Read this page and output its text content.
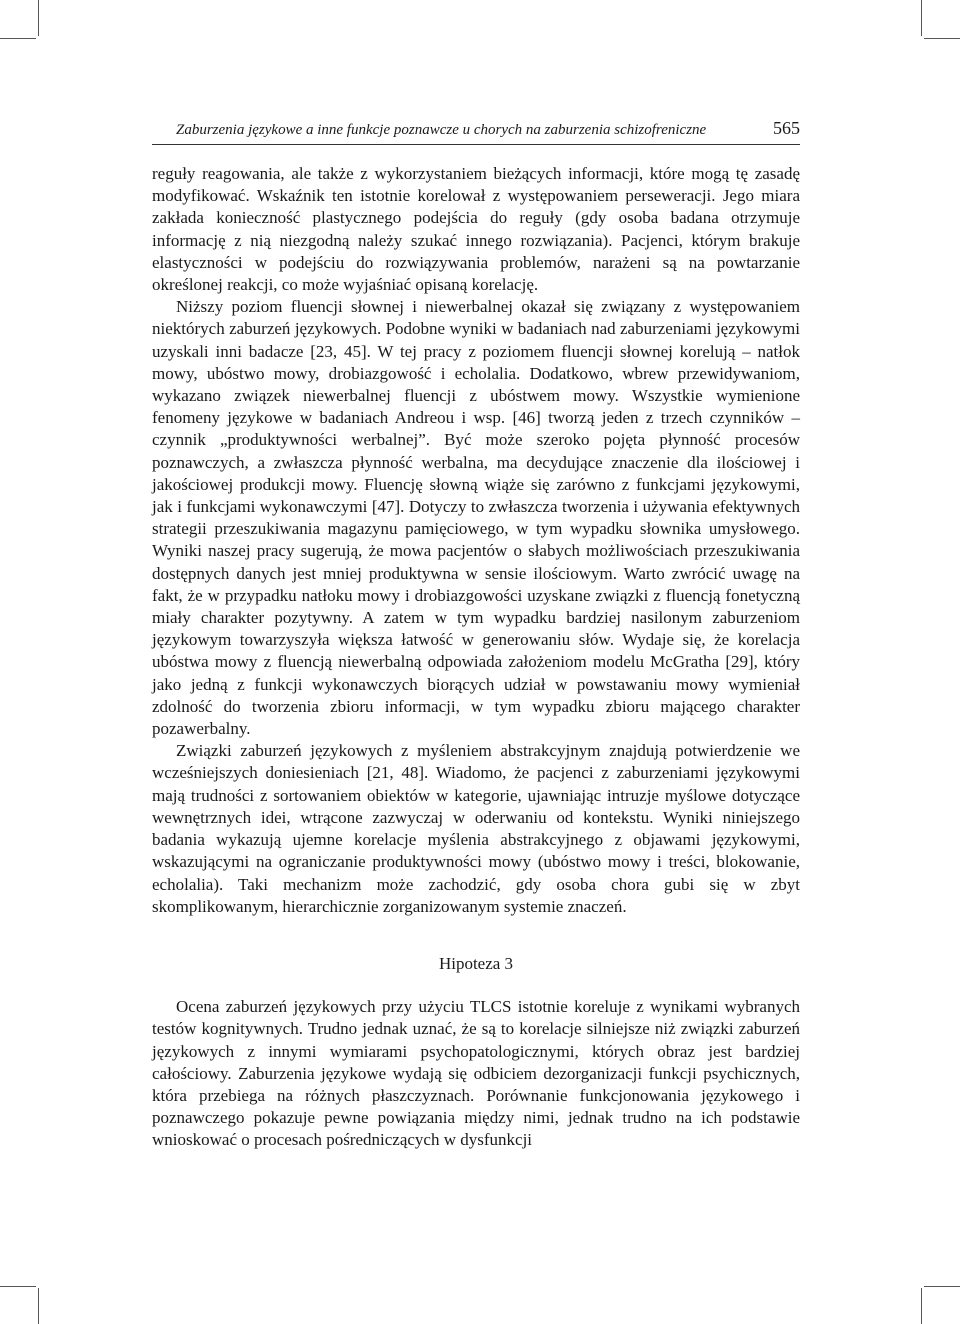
Zaburzenia językowe a inne funkcje poznawcze u chorych na zaburzenia schizofreniczne	565

reguły reagowania, ale także z wykorzystaniem bieżących informacji, które mogą tę zasadę modyfikować. Wskaźnik ten istotnie korelował z występowaniem perseweracji. Jego miara zakłada konieczność plastycznego podejścia do reguły (gdy osoba badana otrzymuje informację z nią niezgodną należy szukać innego rozwiązania). Pacjenci, którym brakuje elastyczności w podejściu do rozwiązywania problemów, narażeni są na powtarzanie określonej reakcji, co może wyjaśniać opisaną korelację.

Niższy poziom fluencji słownej i niewerbalnej okazał się związany z występowaniem niektórych zaburzeń językowych. Podobne wyniki w badaniach nad zaburzeniami językowymi uzyskali inni badacze [23, 45]. W tej pracy z poziomem fluencji słownej korelują – natłok mowy, ubóstwo mowy, drobiazgowość i echolalia. Dodatkowo, wbrew przewidywaniom, wykazano związek niewerbalnej fluencji z ubóstwem mowy. Wszystkie wymienione fenomeny językowe w badaniach Andreou i wsp. [46] tworzą jeden z trzech czynników – czynnik „produktywności werbalnej”. Być może szeroko pojęta płynność procesów poznawczych, a zwłaszcza płynność werbalna, ma decydujące znaczenie dla ilościowej i jakościowej produkcji mowy. Fluencję słowną wiąże się zarówno z funkcjami językowymi, jak i funkcjami wykonawczymi [47]. Dotyczy to zwłaszcza tworzenia i używania efektywnych strategii przeszukiwania magazynu pamięciowego, w tym wypadku słownika umysłowego. Wyniki naszej pracy sugerują, że mowa pacjentów o słabych możliwościach przeszukiwania dostępnych danych jest mniej produktywna w sensie ilościowym. Warto zwrócić uwagę na fakt, że w przypadku natłoku mowy i drobiazgowości uzyskane związki z fluencją fonetyczną miały charakter pozytywny. A zatem w tym wypadku bardziej nasilonym zaburzeniom językowym towarzyszyła większa łatwość w generowaniu słów. Wydaje się, że korelacja ubóstwa mowy z fluencją niewerbalną odpowiada założeniom modelu McGratha [29], który jako jedną z funkcji wykonawczych biorących udział w powstawaniu mowy wymieniał zdolność do tworzenia zbioru informacji, w tym wypadku zbioru mającego charakter pozawerbalny.

Związki zaburzeń językowych z myśleniem abstrakcyjnym znajdują potwierdzenie we wcześniejszych doniesieniach [21, 48]. Wiadomo, że pacjenci z zaburzeniami językowymi mają trudności z sortowaniem obiektów w kategorie, ujawniając intruzje myślowe dotyczące wewnętrznych idei, wtrącone zazwyczaj w oderwaniu od kontekstu. Wyniki niniejszego badania wykazują ujemne korelacje myślenia abstrakcyjnego z objawami językowymi, wskazującymi na ograniczanie produktywności mowy (ubóstwo mowy i treści, blokowanie, echolalia). Taki mechanizm może zachodzić, gdy osoba chora gubi się w zbyt skomplikowanym, hierarchicznie zorganizowanym systemie znaczeń.

Hipoteza 3

Ocena zaburzeń językowych przy użyciu TLCS istotnie koreluje z wynikami wybranych testów kognitywnych. Trudno jednak uznać, że są to korelacje silniejsze niż związki zaburzeń językowych z innymi wymiarami psychopatologicznymi, których obraz jest bardziej całościowy. Zaburzenia językowe wydają się odbiciem dezorganizacji funkcji psychicznych, która przebiega na różnych płaszczyznach. Porównanie funkcjonowania językowego i poznawczego pokazuje pewne powiązania między nimi, jednak trudno na ich podstawie wnioskować o procesach pośredniczących w dysfunkcji
